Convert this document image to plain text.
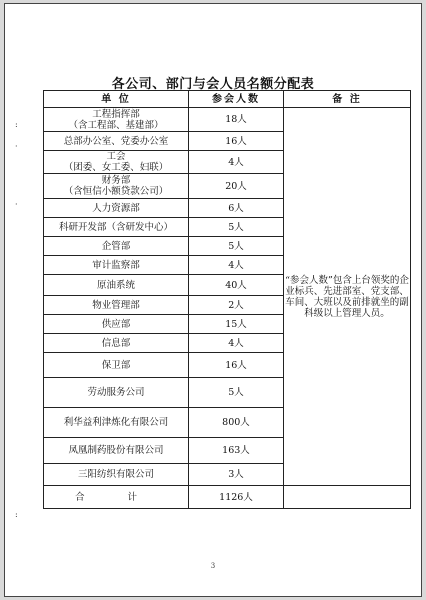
各公司、部门与会人员名额分配表
单 位	参会人数	备 注
工程指挥部
（含工程部、基建部）	18人	“参会人数”包含上台领奖的企业标兵、先进部室、党支部、车间、大班以及前排就坐的副科级以上管理人员。
总部办公室、党委办公室	16人	
工会
（团委、女工委、妇联）	4人	
财务部
（含恒信小额贷款公司）	20人	
人力资源部	6人	
科研开发部（含研发中心）	5人	
企管部	5人	
审计监察部	4人	
原油系统	40人	
物业管理部	2人	
供应部	15人	
信息部	4人	
保卫部	16人	
劳动服务公司	5人	
利华益利津炼化有限公司	800人	
凤凰制药股份有限公司	163人	
三阳纺织有限公司	3人	
合 计	1126人	
:
·
·
:
3
